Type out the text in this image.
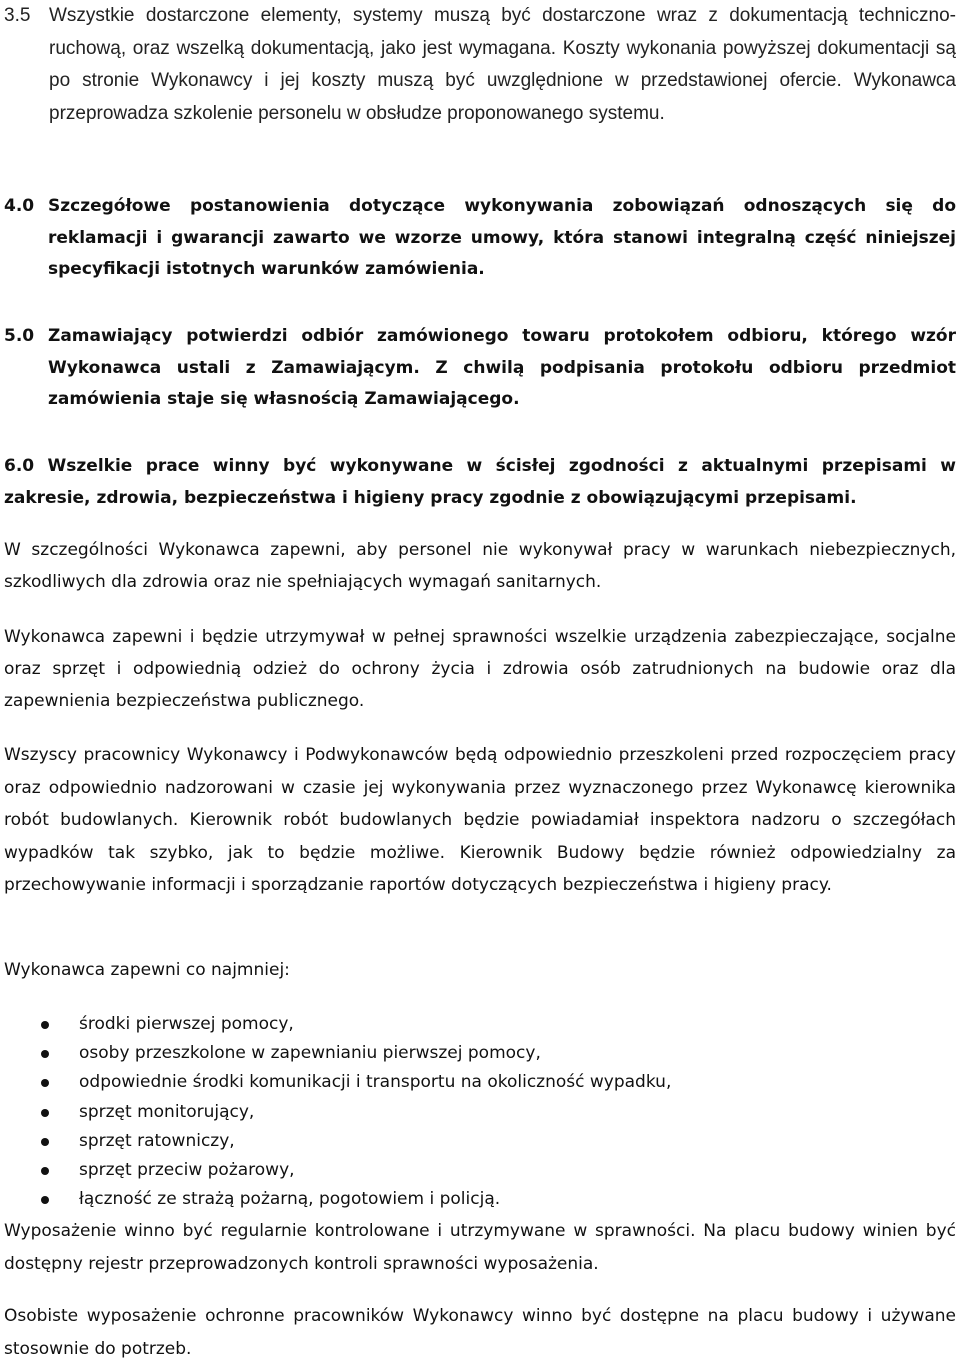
3.5 Wszystkie dostarczone elementy, systemy muszą być dostarczone wraz z dokumentacją techniczno-ruchową, oraz wszelką dokumentacją, jako jest wymagana. Koszty wykonania powyższej dokumentacji są po stronie Wykonawcy i jej koszty muszą być uwzględnione w przedstawionej ofercie. Wykonawca przeprowadza szkolenie personelu w obsłudze proponowanego systemu.
4.0 Szczegółowe postanowienia dotyczące wykonywania zobowiązań odnoszących się do reklamacji i gwarancji zawarto we wzorze umowy, która stanowi integralną część niniejszej specyfikacji istotnych warunków zamówienia.
5.0 Zamawiający potwierdzi odbiór zamówionego towaru protokołem odbioru, którego wzór Wykonawca ustali z Zamawiającym. Z chwilą podpisania protokołu odbioru przedmiot zamówienia staje się własnością Zamawiającego.
6.0 Wszelkie prace winny być wykonywane w ścisłej zgodności z aktualnymi przepisami w zakresie, zdrowia, bezpieczeństwa i higieny pracy zgodnie z obowiązującymi przepisami.
W szczególności Wykonawca zapewni, aby personel nie wykonywał pracy w warunkach niebezpiecznych, szkodliwych dla zdrowia oraz nie spełniających wymagań sanitarnych.
Wykonawca zapewni i będzie utrzymywał w pełnej sprawności wszelkie urządzenia zabezpieczające, socjalne oraz sprzęt i odpowiednią odzież do ochrony życia i zdrowia osób zatrudnionych na budowie oraz dla zapewnienia bezpieczeństwa publicznego.
Wszyscy pracownicy Wykonawcy i Podwykonawców będą odpowiednio przeszkoleni przed rozpoczęciem pracy oraz odpowiednio nadzorowani w czasie jej wykonywania przez wyznaczonego przez Wykonawcę kierownika robót budowlanych. Kierownik robót budowlanych będzie powiadamiał inspektora nadzoru o szczegółach wypadków tak szybko, jak to będzie możliwe. Kierownik Budowy będzie również odpowiedzialny za przechowywanie informacji i sporządzanie raportów dotyczących bezpieczeństwa i higieny pracy.
Wykonawca zapewni co najmniej:
środki pierwszej pomocy,
osoby przeszkolone w zapewnianiu pierwszej pomocy,
odpowiednie środki komunikacji i transportu na okoliczność wypadku,
sprzęt monitorujący,
sprzęt ratowniczy,
sprzęt przeciw pożarowy,
łączność ze strażą pożarną, pogotowiem i policją.
Wyposażenie winno być regularnie kontrolowane i utrzymywane w sprawności. Na placu budowy winien być dostępny rejestr przeprowadzonych kontroli sprawności wyposażenia.
Osobiste wyposażenie ochronne pracowników Wykonawcy winno być dostępne na placu budowy i używane stosownie do potrzeb.
